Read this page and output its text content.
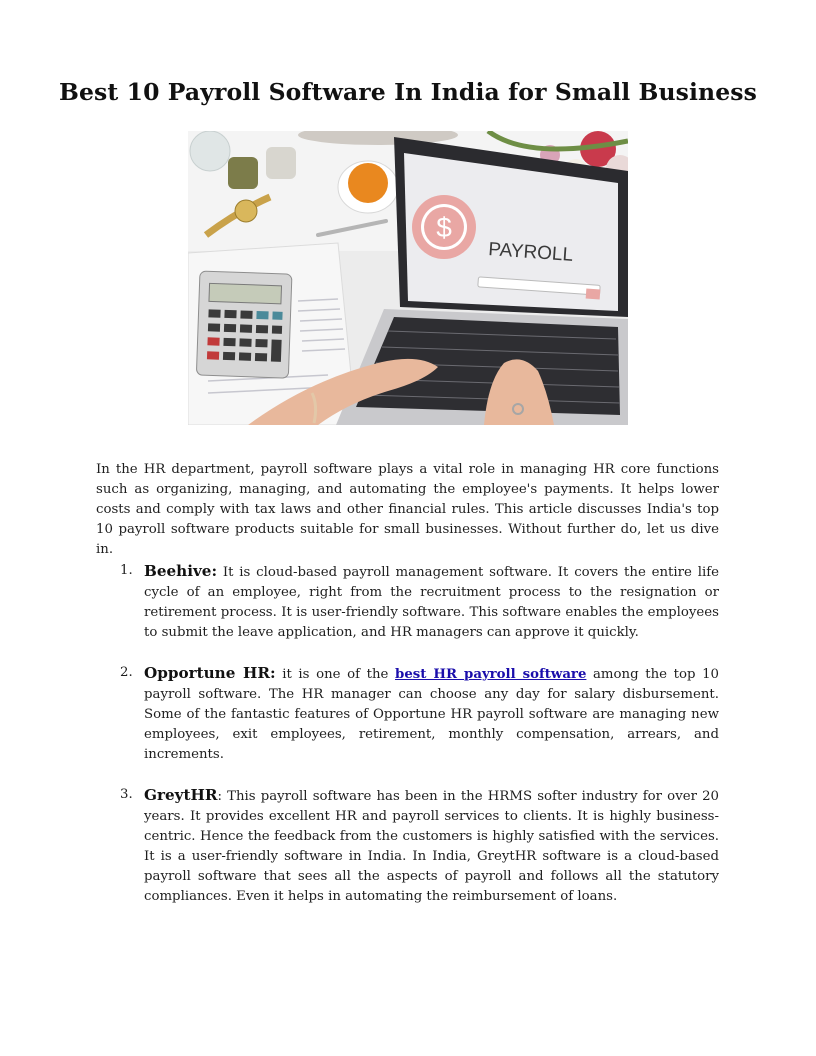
Best 10 Payroll Software In India for Small Business
$
PAYROLL

In the HR department, payroll software plays a vital role in managing HR core functions such as organizing, managing, and automating the employee's payments. It helps lower costs and comply with tax laws and other financial rules. This article discusses India's top 10 payroll software products suitable for small businesses. Without further do, let us dive in.

1. Beehive: It is cloud-based payroll management software. It covers the entire life cycle of an employee, right from the recruitment process to the resignation or retirement process. It is user-friendly software. This software enables the employees to submit the leave application, and HR managers can approve it quickly.
2. Opportune HR: it is one of the best HR payroll software among the top 10 payroll software. The HR manager can choose any day for salary disbursement. Some of the fantastic features of Opportune HR payroll software are managing new employees, exit employees, retirement, monthly compensation, arrears, and increments.
3. GreytHR: This payroll software has been in the HRMS softer industry for over 20 years. It provides excellent HR and payroll services to clients. It is highly business-centric. Hence the feedback from the customers is highly satisfied with the services. It is a user-friendly software in India. In India, GreytHR software is a cloud-based payroll software that sees all the aspects of payroll and follows all the statutory compliances. Even it helps in automating the reimbursement of loans.
